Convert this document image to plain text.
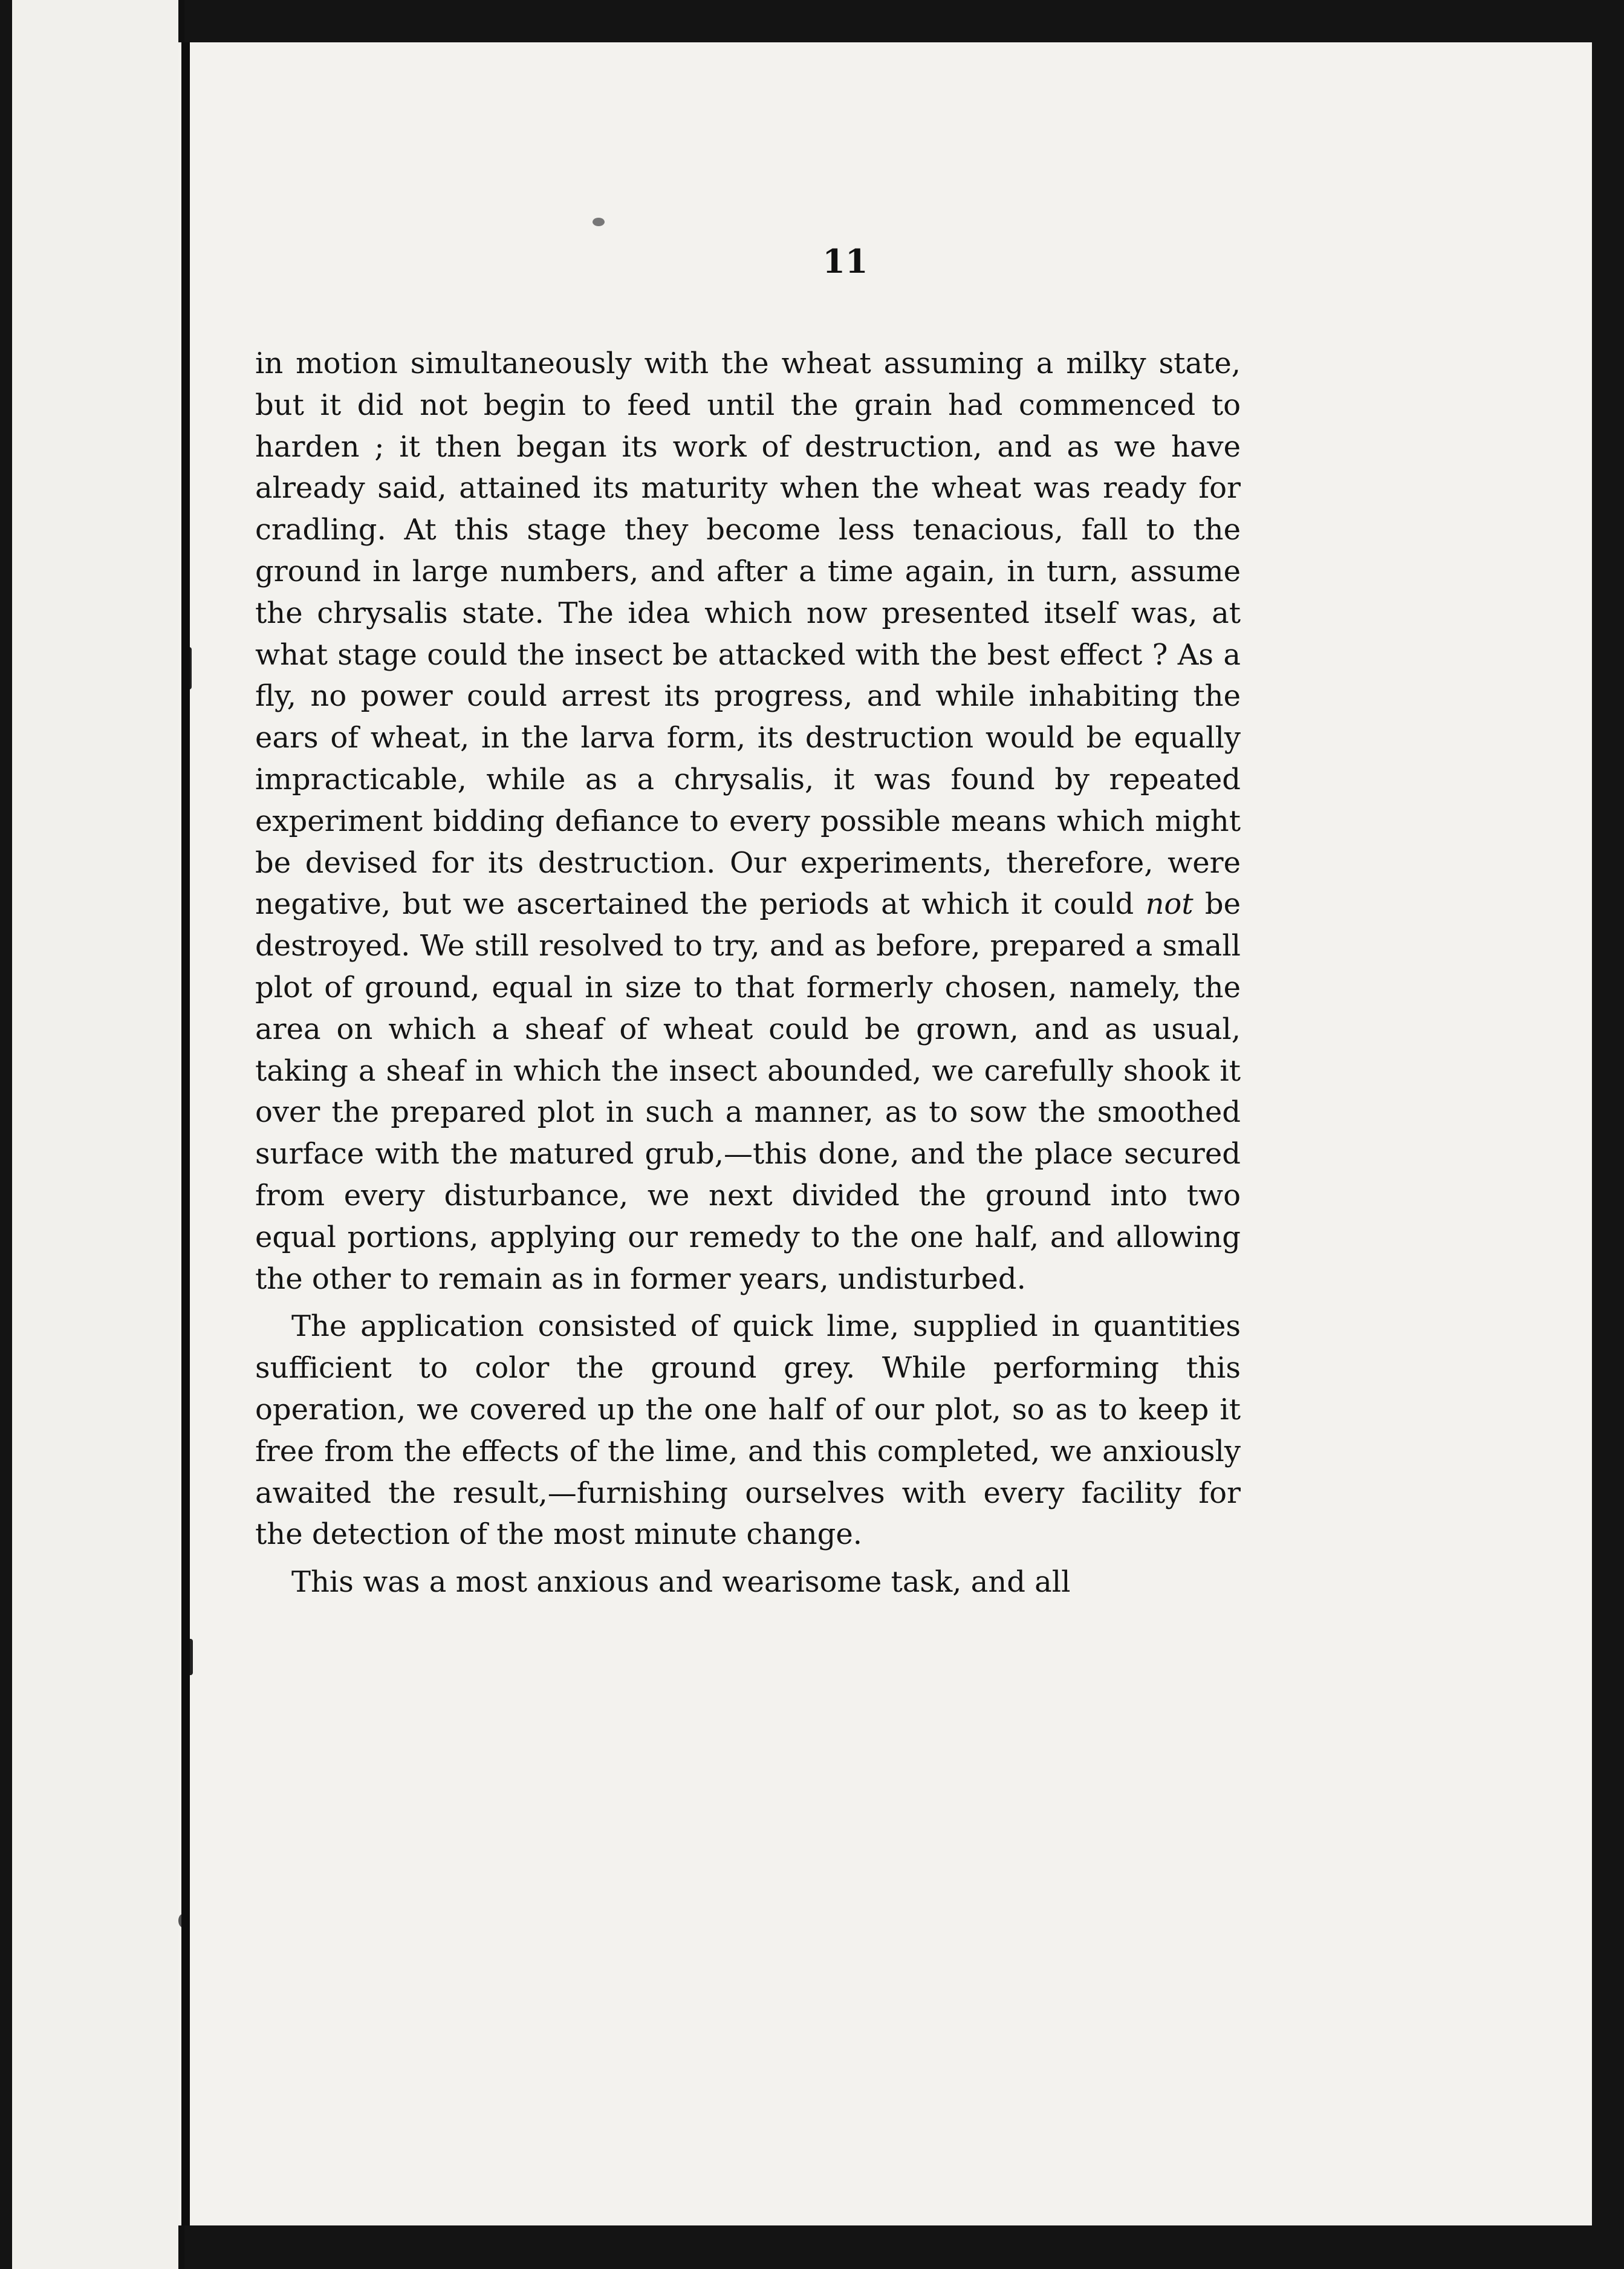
11

in motion simultaneously with the wheat assuming a milky state, but it did not begin to feed until the grain had commenced to harden ; it then began its work of destruction, and as we have already said, attained its maturity when the wheat was ready for cradling. At this stage they become less tenacious, fall to the ground in large numbers, and after a time again, in turn, assume the chrysalis state. The idea which now presented itself was, at what stage could the insect be attacked with the best effect ? As a fly, no power could arrest its progress, and while inhabiting the ears of wheat, in the larva form, its destruction would be equally impracticable, while as a chrysalis, it was found by repeated experiment bidding defiance to every possible means which might be devised for its destruction. Our experiments, therefore, were negative, but we ascertained the periods at which it could not be destroyed. We still resolved to try, and as before, prepared a small plot of ground, equal in size to that formerly chosen, namely, the area on which a sheaf of wheat could be grown, and as usual, taking a sheaf in which the insect abounded, we carefully shook it over the prepared plot in such a manner, as to sow the smoothed surface with the matured grub,—this done, and the place secured from every disturbance, we next divided the ground into two equal portions, applying our remedy to the one half, and allowing the other to remain as in former years, undisturbed.

The application consisted of quick lime, supplied in quantities sufficient to color the ground grey. While performing this operation, we covered up the one half of our plot, so as to keep it free from the effects of the lime, and this completed, we anxiously awaited the result,—furnishing ourselves with every facility for the detection of the most minute change.

This was a most anxious and wearisome task, and all
